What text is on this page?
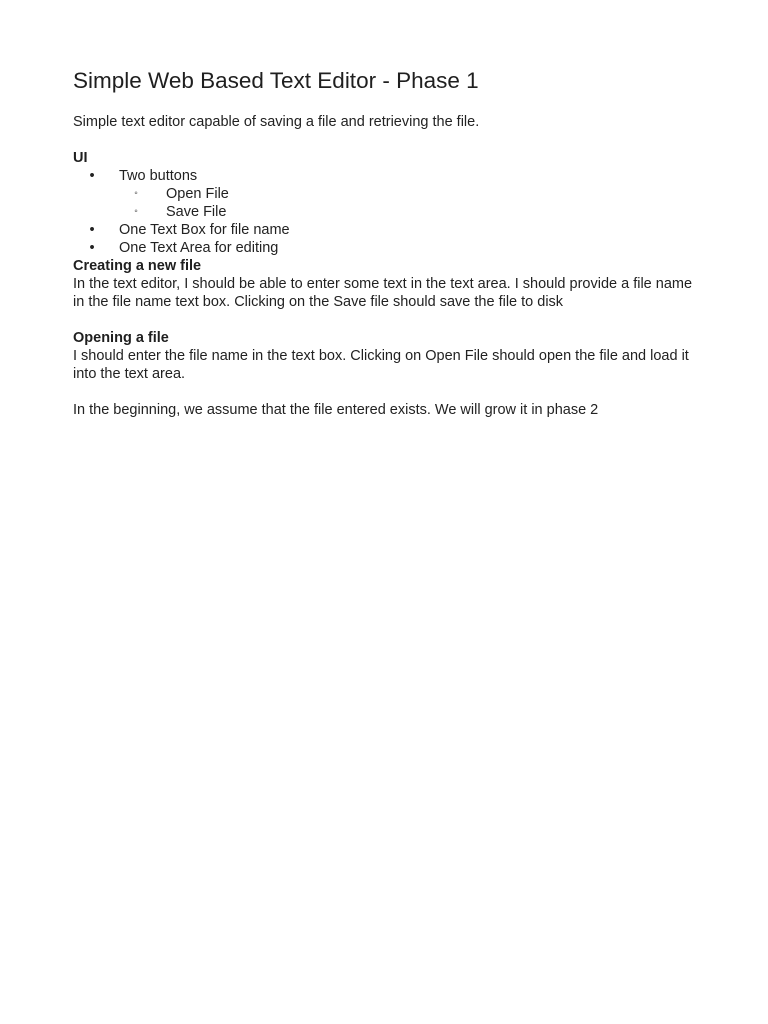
Simple Web Based Text Editor - Phase 1

Simple text editor capable of saving a file and retrieving the file.

UI
• Two buttons
◦ Open File
◦ Save File
• One Text Box for file name
• One Text Area for editing
Creating a new file

In the text editor, I should be able to enter some text in the text area. I should provide a file name in the file name text box. Clicking on the Save file should save the file to disk

Opening a file

I should enter the file name in the text box. Clicking on Open File should open the file and load it into the text area.

In the beginning, we assume that the file entered exists. We will grow it in phase 2
